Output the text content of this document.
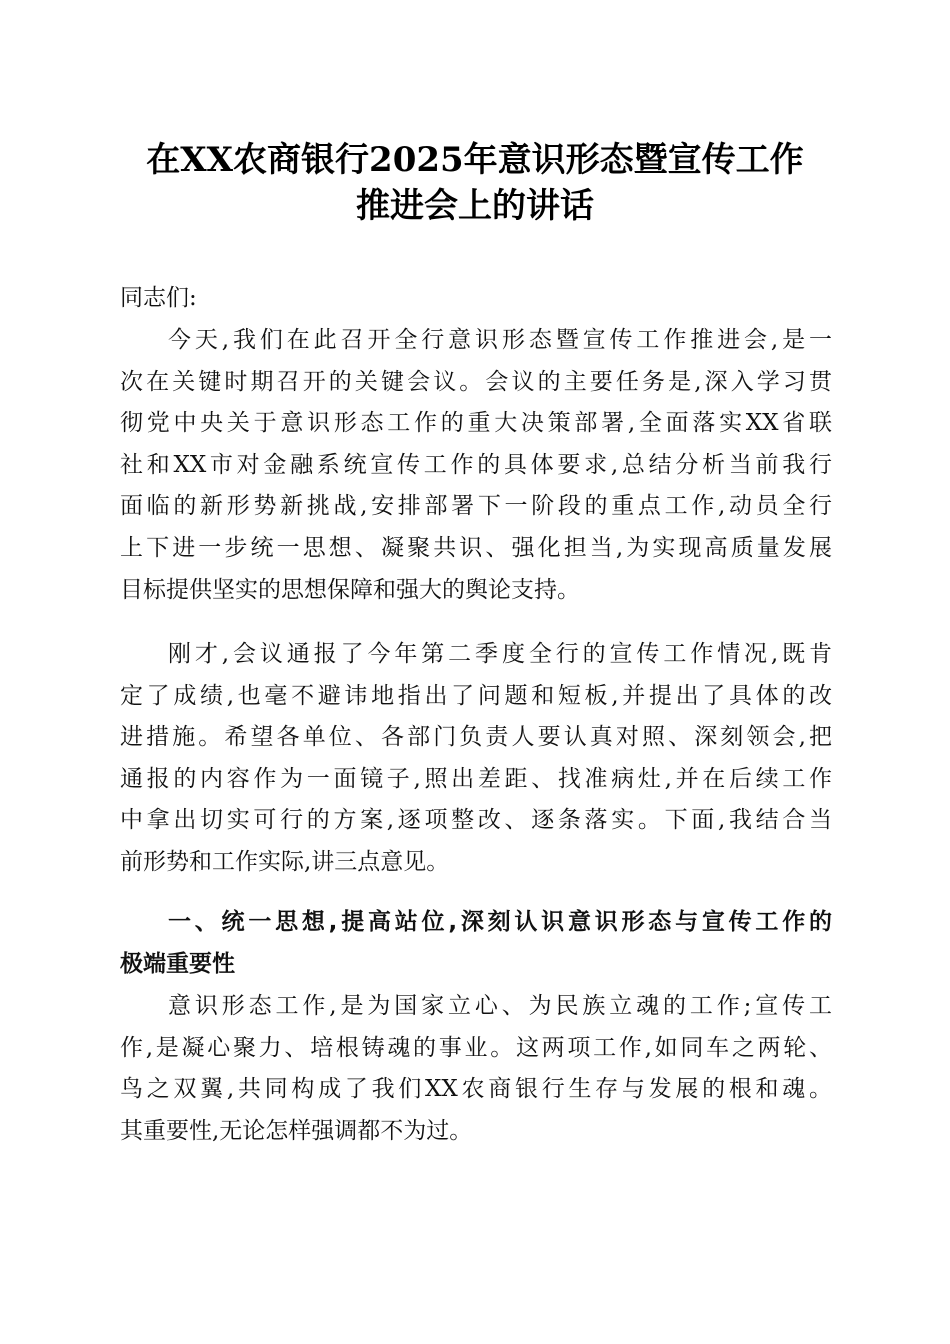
在XX农商银行2025年意识形态暨宣传工作
推进会上的讲话
同志们:
今天,我们在此召开全行意识形态暨宣传工作推进会,是一
次在关键时期召开的关键会议。会议的主要任务是,深入学习贯
彻党中央关于意识形态工作的重大决策部署,全面落实XX省联
社和XX市对金融系统宣传工作的具体要求,总结分析当前我行
面临的新形势新挑战,安排部署下一阶段的重点工作,动员全行
上下进一步统一思想、凝聚共识、强化担当,为实现高质量发展
目标提供坚实的思想保障和强大的舆论支持。
刚才,会议通报了今年第二季度全行的宣传工作情况,既肯
定了成绩,也毫不避讳地指出了问题和短板,并提出了具体的改
进措施。希望各单位、各部门负责人要认真对照、深刻领会,把
通报的内容作为一面镜子,照出差距、找准病灶,并在后续工作
中拿出切实可行的方案,逐项整改、逐条落实。下面,我结合当
前形势和工作实际,讲三点意见。
一、统一思想,提高站位,深刻认识意识形态与宣传工作的
极端重要性
意识形态工作,是为国家立心、为民族立魂的工作;宣传工
作,是凝心聚力、培根铸魂的事业。这两项工作,如同车之两轮、
鸟之双翼,共同构成了我们XX农商银行生存与发展的根和魂。
其重要性,无论怎样强调都不为过。
